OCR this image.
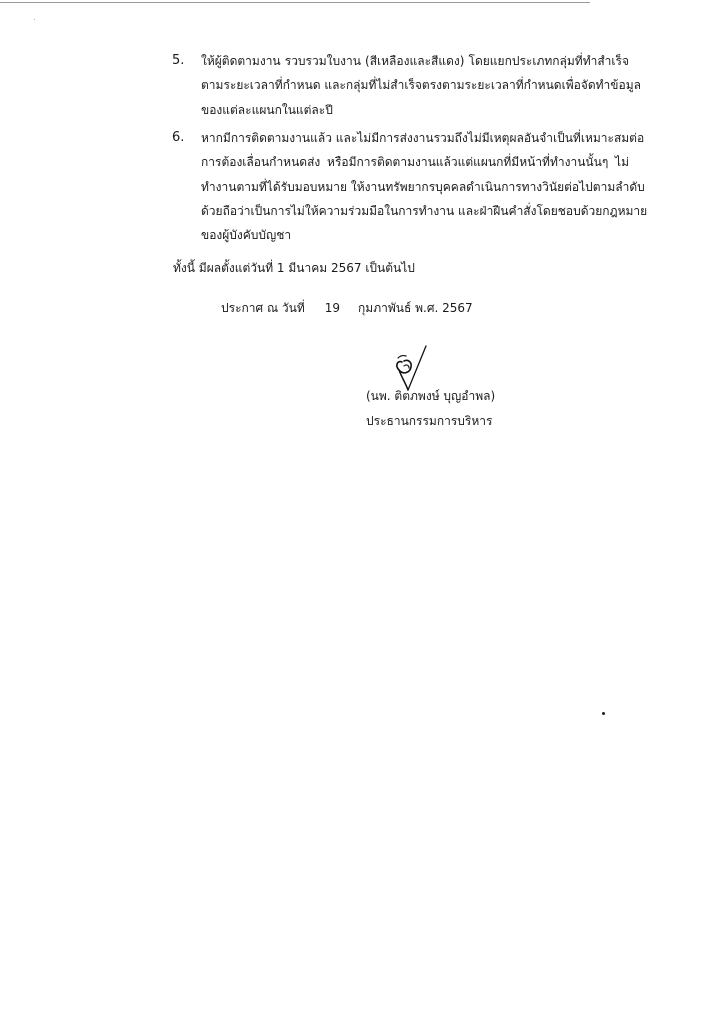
5. ให้ผู้ติดตามงาน รวบรวมใบงาน (สีเหลืองและสีแดง) โดยแยกประเภทกลุ่มที่ทำสำเร็จ
ตามระยะเวลาที่กำหนด และกลุ่มที่ไม่สำเร็จตรงตามระยะเวลาที่กำหนดเพื่อจัดทำข้อมูล
ของแต่ละแผนกในแต่ละปี
6. หากมีการติดตามงานแล้ว และไม่มีการส่งงานรวมถึงไม่มีเหตุผลอันจำเป็นที่เหมาะสมต่อ
การต้องเลื่อนกำหนดส่ง หรือมีการติดตามงานแล้วแต่แผนกที่มีหน้าที่ทำงานนั้นๆ ไม่
ทำงานตามที่ได้รับมอบหมาย ให้งานทรัพยากรบุคคลดำเนินการทางวินัยต่อไปตามลำดับ
ด้วยถือว่าเป็นการไม่ให้ความร่วมมือในการทำงาน และฝ่าฝืนคำสั่งโดยชอบด้วยกฎหมาย
ของผู้บังคับบัญชา
ทั้งนี้ มีผลตั้งแต่วันที่ 1 มีนาคม 2567 เป็นต้นไป
ประกาศ ณ วันที่ 19 กุมภาพันธ์ พ.ศ. 2567
(นพ. ติตภพงษ์ บุญอำพล)
ประธานกรรมการบริหาร
